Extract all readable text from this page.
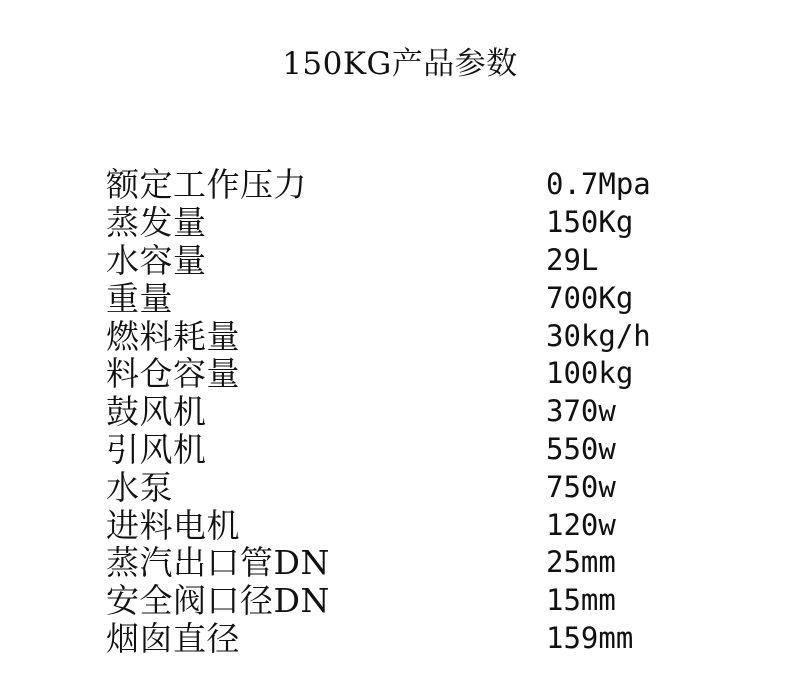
150KG产品参数
额定工作压力	0.7Mpa
蒸发量	150Kg
水容量	29L
重量	700Kg
燃料耗量	30kg/h
料仓容量	100kg
鼓风机	370w
引风机	550w
水泵	750w
进料电机	120w
蒸汽出口管DN	25mm
安全阀口径DN	15mm
烟囱直径	159mm
